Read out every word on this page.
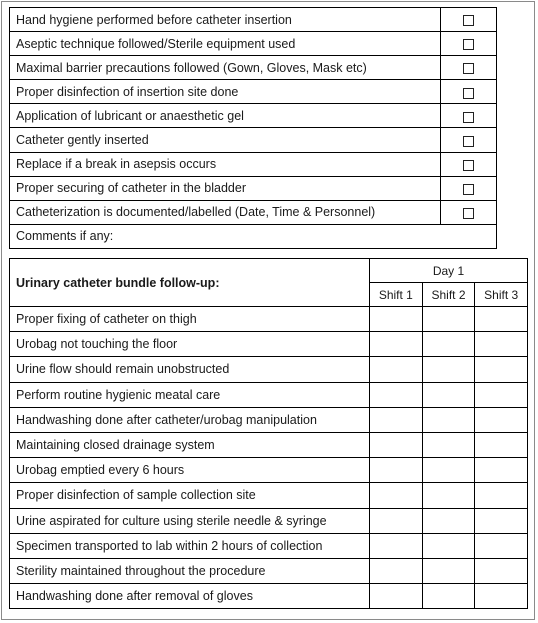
Hand hygiene performed before catheter insertion	
Aseptic technique followed/Sterile equipment used	
Maximal barrier precautions followed (Gown, Gloves, Mask etc)	
Proper disinfection of insertion site done	
Application of lubricant or anaesthetic gel	
Catheter gently inserted	
Replace if a break in asepsis occurs	
Proper securing of catheter in the bladder	
Catheterization is documented/labelled (Date, Time & Personnel)	
Comments if any:	
Urinary catheter bundle follow-up:	Day 1		
	Shift 1	Shift 2	Shift 3
Proper fixing of catheter on thigh			
Urobag not touching the floor			
Urine flow should remain unobstructed			
Perform routine hygienic meatal care			
Handwashing done after catheter/urobag manipulation			
Maintaining closed drainage system			
Urobag emptied every 6 hours			
Proper disinfection of sample collection site			
Urine aspirated for culture using sterile needle & syringe			
Specimen transported to lab within 2 hours of collection			
Sterility maintained throughout the procedure			
Handwashing done after removal of gloves			
